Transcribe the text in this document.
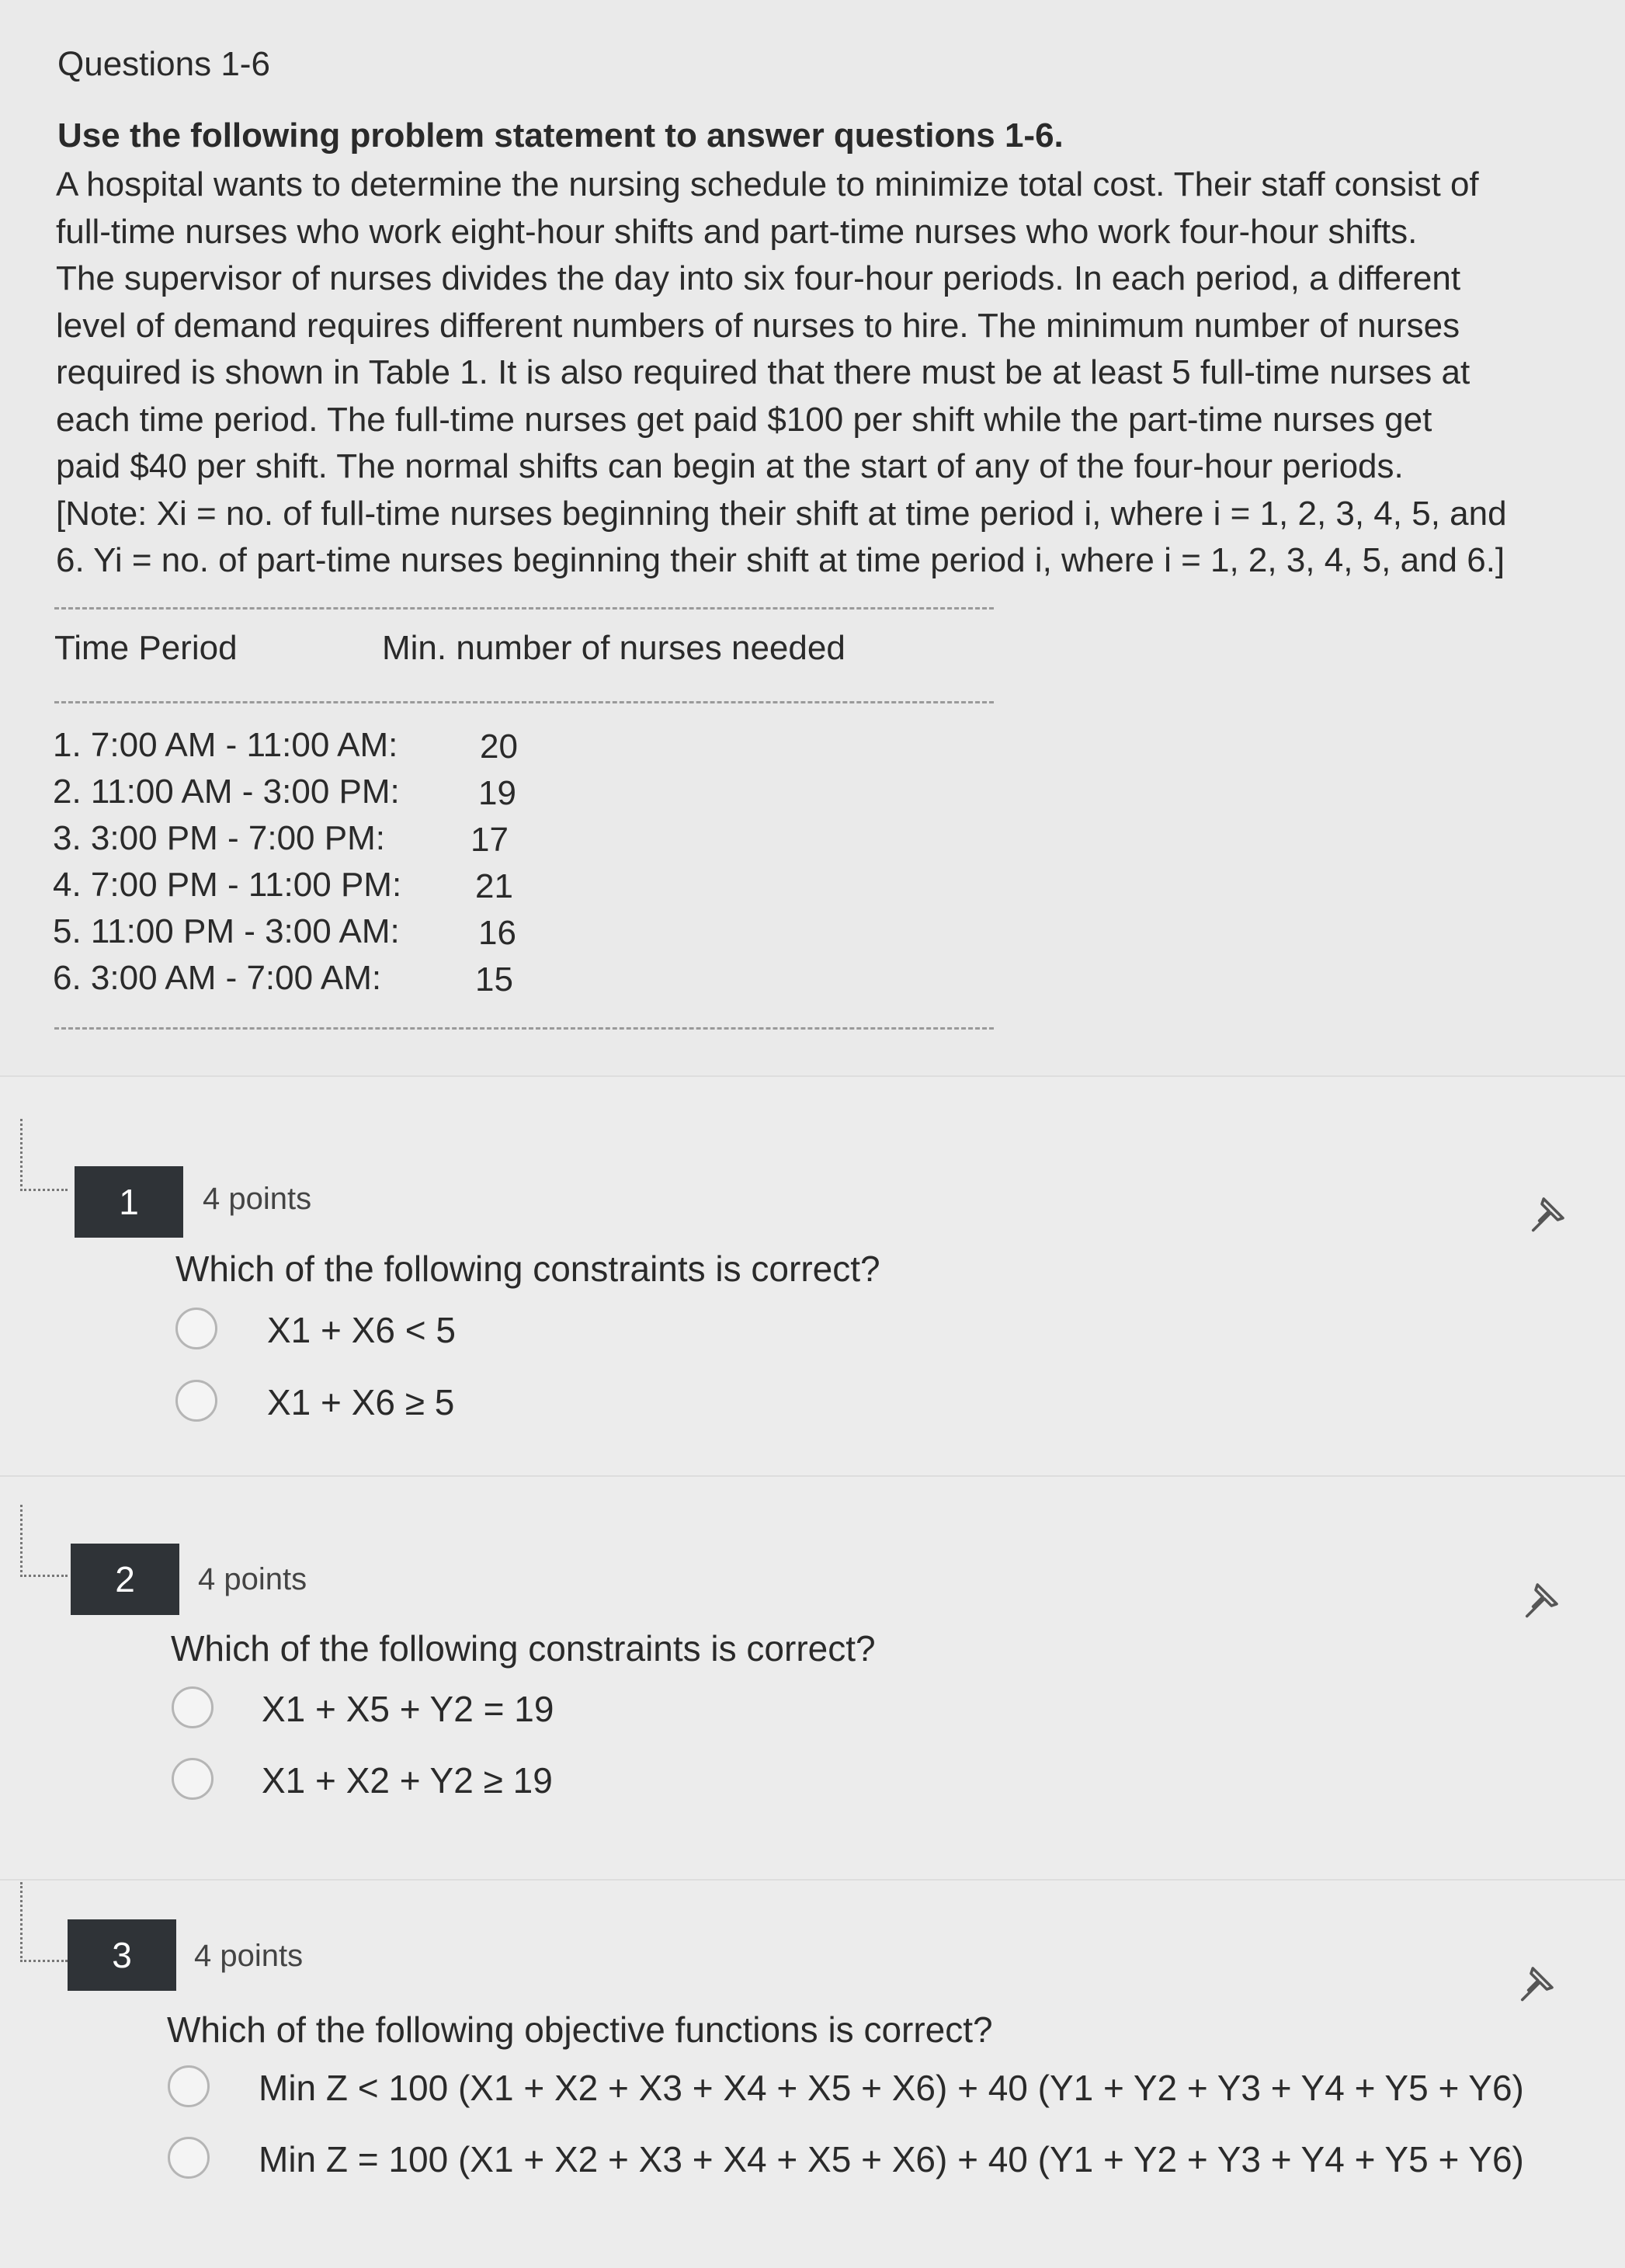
Questions 1-6

Use the following problem statement to answer questions 1-6.

A hospital wants to determine the nursing schedule to minimize total cost. Their staff consist of
full-time nurses who work eight-hour shifts and part-time nurses who work four-hour shifts.
The supervisor of nurses divides the day into six four-hour periods. In each period, a different
level of demand requires different numbers of nurses to hire. The minimum number of nurses
required is shown in Table 1. It is also required that there must be at least 5 full-time nurses at
each time period. The full-time nurses get paid $100 per shift while the part-time nurses get
paid $40 per shift. The normal shifts can begin at the start of any of the four-hour periods.
[Note: Xi = no. of full-time nurses beginning their shift at time period i, where i = 1, 2, 3, 4, 5, and
6. Yi = no. of part-time nurses beginning their shift at time period i, where i = 1, 2, 3, 4, 5, and 6.]
Time Period	Min. number of nurses needed
1. 7:00 AM - 11:00 AM: 20
2. 11:00 AM - 3:00 PM: 19
3. 3:00 PM - 7:00 PM:	17
4. 7:00 PM - 11:00 PM: 21
5. 11:00 PM - 3:00 AM: 16
6. 3:00 AM - 7:00 AM:	15
1	4 points
Which of the following constraints is correct?
X1 + X6 < 5
X1 + X6 ≥ 5
2	4 points
Which of the following constraints is correct?
X1 + X5 + Y2 = 19
X1 + X2 + Y2 ≥ 19
3	4 points
Which of the following objective functions is correct?
Min Z < 100 (X1 + X2 + X3 + X4 + X5 + X6) + 40 (Y1 + Y2 + Y3 + Y4 + Y5 + Y6)
Min Z = 100 (X1 + X2 + X3 + X4 + X5 + X6) + 40 (Y1 + Y2 + Y3 + Y4 + Y5 + Y6)
